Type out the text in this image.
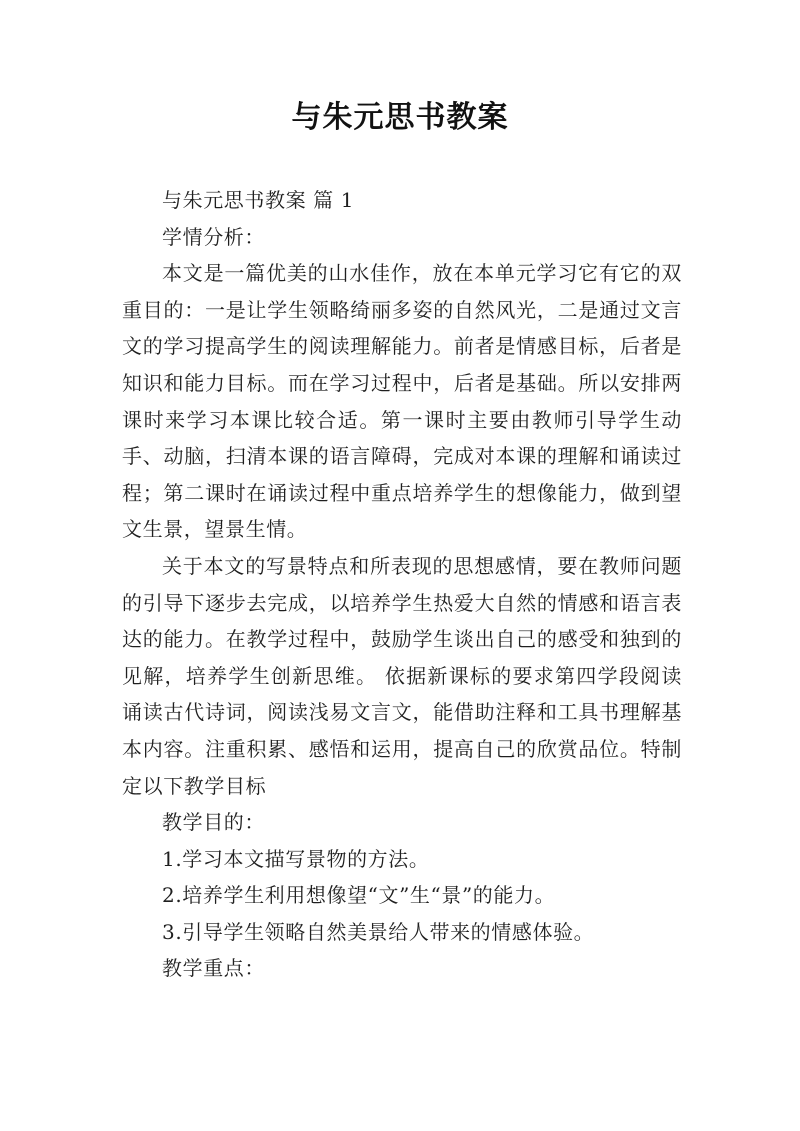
与朱元思书教案

与朱元思书教案 篇 1

学情分析：

本文是一篇优美的山水佳作，放在本单元学习它有它的双重目的：一是让学生领略绮丽多姿的自然风光，二是通过文言文的学习提高学生的阅读理解能力。前者是情感目标，后者是知识和能力目标。而在学习过程中，后者是基础。所以安排两课时来学习本课比较合适。第一课时主要由教师引导学生动手、动脑，扫清本课的语言障碍，完成对本课的理解和诵读过程；第二课时在诵读过程中重点培养学生的想像能力，做到望文生景，望景生情。

关于本文的写景特点和所表现的思想感情，要在教师问题的引导下逐步去完成，以培养学生热爱大自然的情感和语言表达的能力。在教学过程中，鼓励学生谈出自己的感受和独到的见解，培养学生创新思维。 依据新课标的要求第四学段阅读 诵读古代诗词，阅读浅易文言文，能借助注释和工具书理解基本内容。注重积累、感悟和运用，提高自己的欣赏品位。特制定以下教学目标

教学目的：

1.学习本文描写景物的方法。

2.培养学生利用想像望“文”生“景”的能力。

3.引导学生领略自然美景给人带来的情感体验。

教学重点：
